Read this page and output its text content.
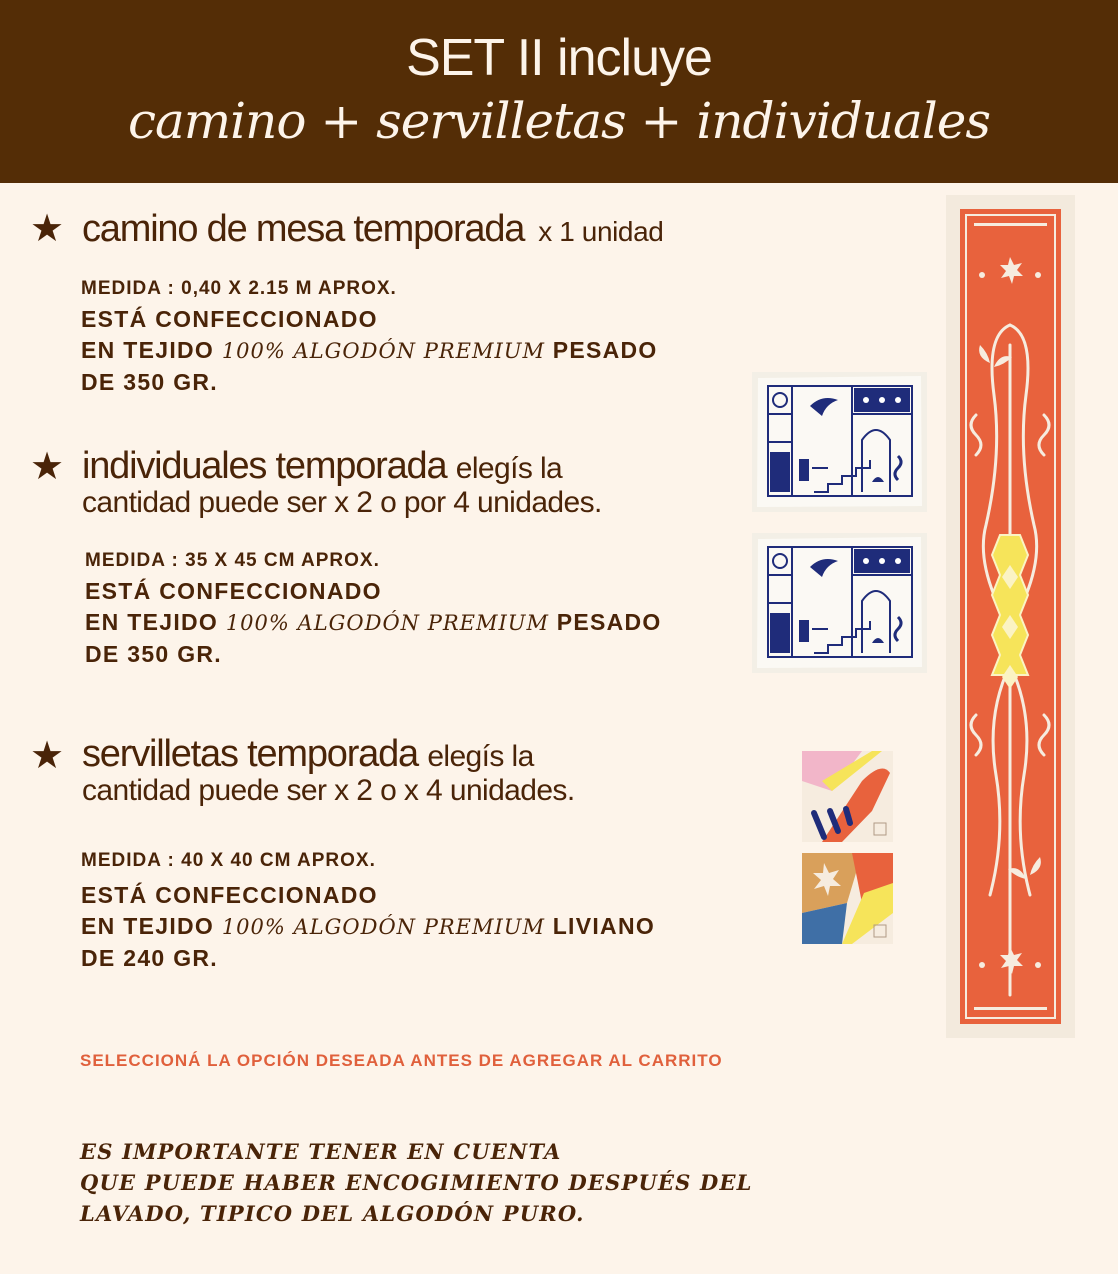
SET II incluye
camino + servilletas + individuales
★ camino de mesa temporada x 1 unidad
MEDIDA : 0,40 X 2.15 M APROX.
ESTÁ CONFECCIONADO
EN TEJIDO 100% ALGODÓN PREMIUM PESADO
DE 350 GR.
★ individuales temporada elegís la
cantidad puede ser x 2 o por 4 unidades.
MEDIDA : 35 X 45 CM APROX.
ESTÁ CONFECCIONADO
EN TEJIDO 100% ALGODÓN PREMIUM PESADO
DE 350 GR.
★ servilletas temporada elegís la
cantidad puede ser x 2 o x 4 unidades.
MEDIDA : 40 X 40 CM APROX.
ESTÁ CONFECCIONADO
EN TEJIDO 100% ALGODÓN PREMIUM LIVIANO
DE 240 GR.
SELECCIONÁ LA OPCIÓN DESEADA ANTES DE AGREGAR AL CARRITO
ES IMPORTANTE TENER EN CUENTA
QUE PUEDE HABER ENCOGIMIENTO DESPUÉS DEL
LAVADO, TIPICO DEL ALGODÓN PURO.
